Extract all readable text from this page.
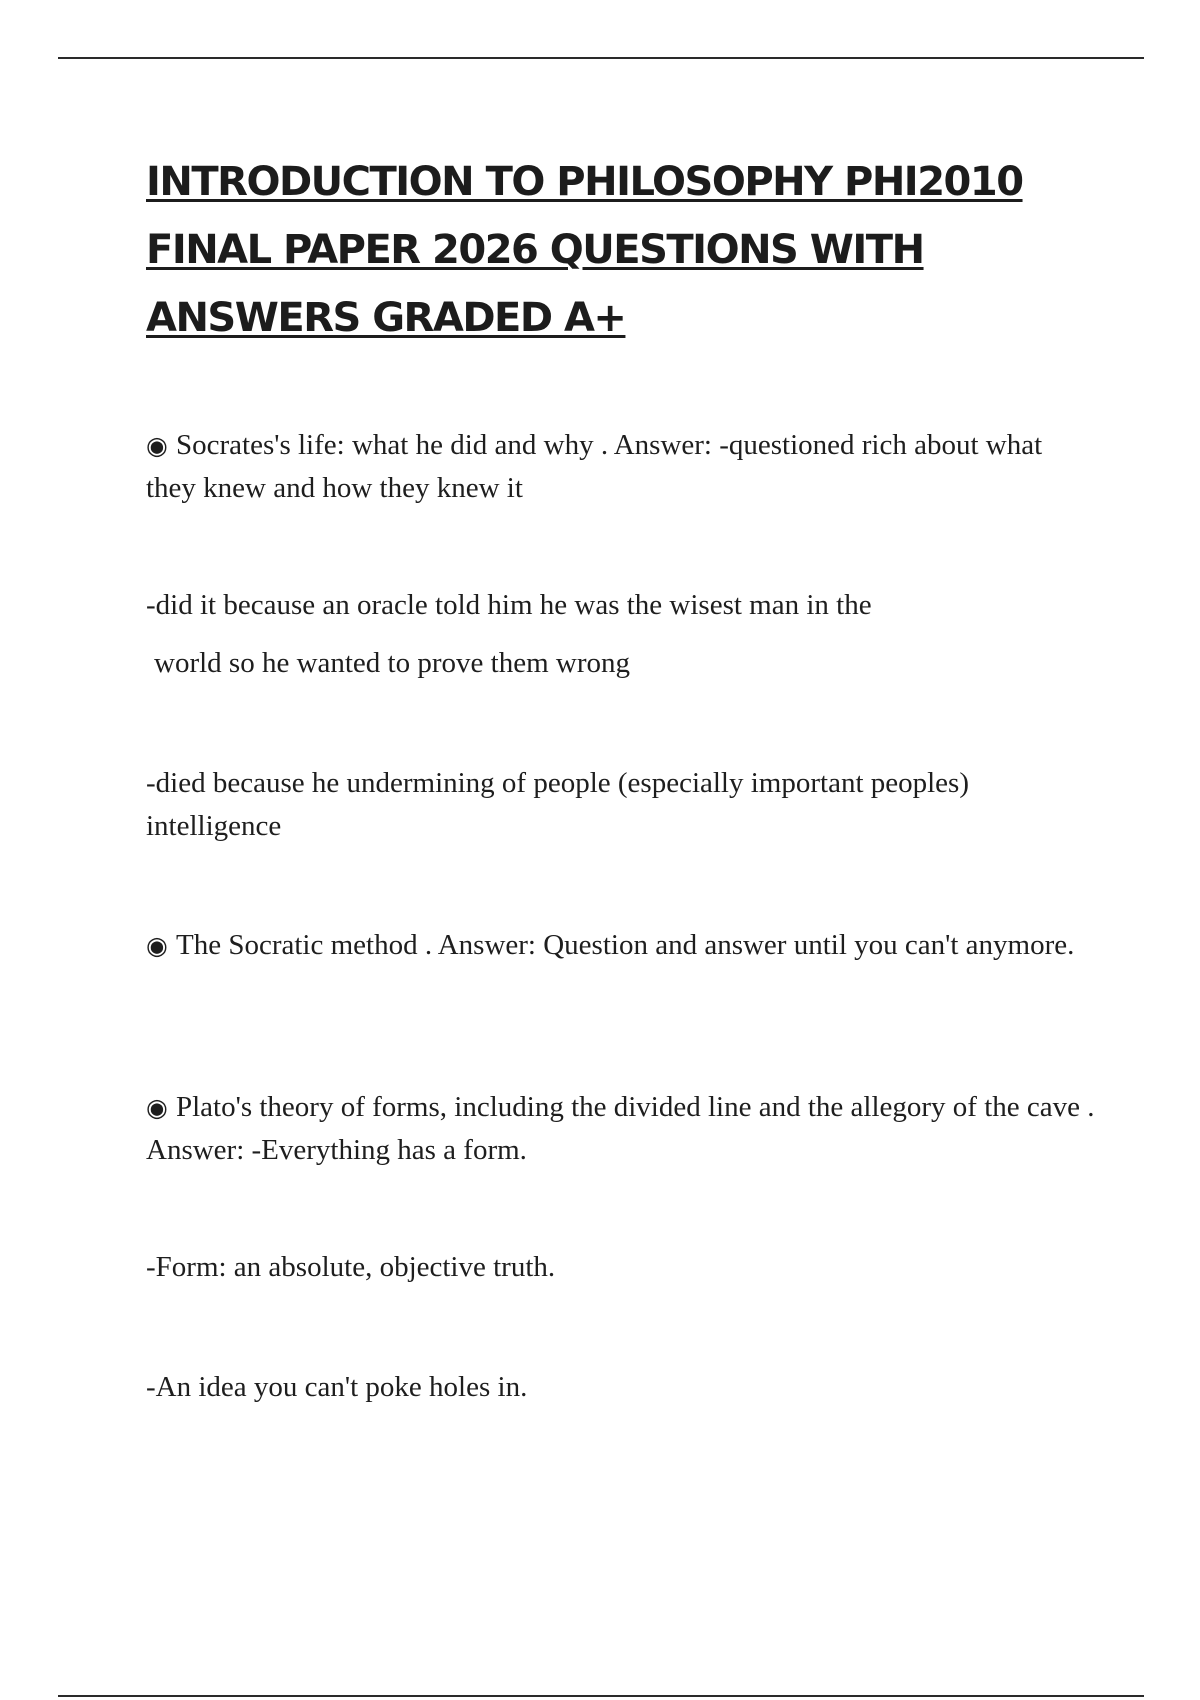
INTRODUCTION TO PHILOSOPHY PHI2010
FINAL PAPER 2026 QUESTIONS WITH
ANSWERS GRADED A+

◉ Socrates's life: what he did and why . Answer: -questioned rich about what they knew and how they knew it

-did it because an oracle told him he was the wisest man in the

world so he wanted to prove them wrong

-died because he undermining of people (especially important peoples) intelligence

◉ The Socratic method . Answer: Question and answer until you can't anymore.

◉ Plato's theory of forms, including the divided line and the allegory of the cave . Answer: -Everything has a form.

-Form: an absolute, objective truth.

-An idea you can't poke holes in.
